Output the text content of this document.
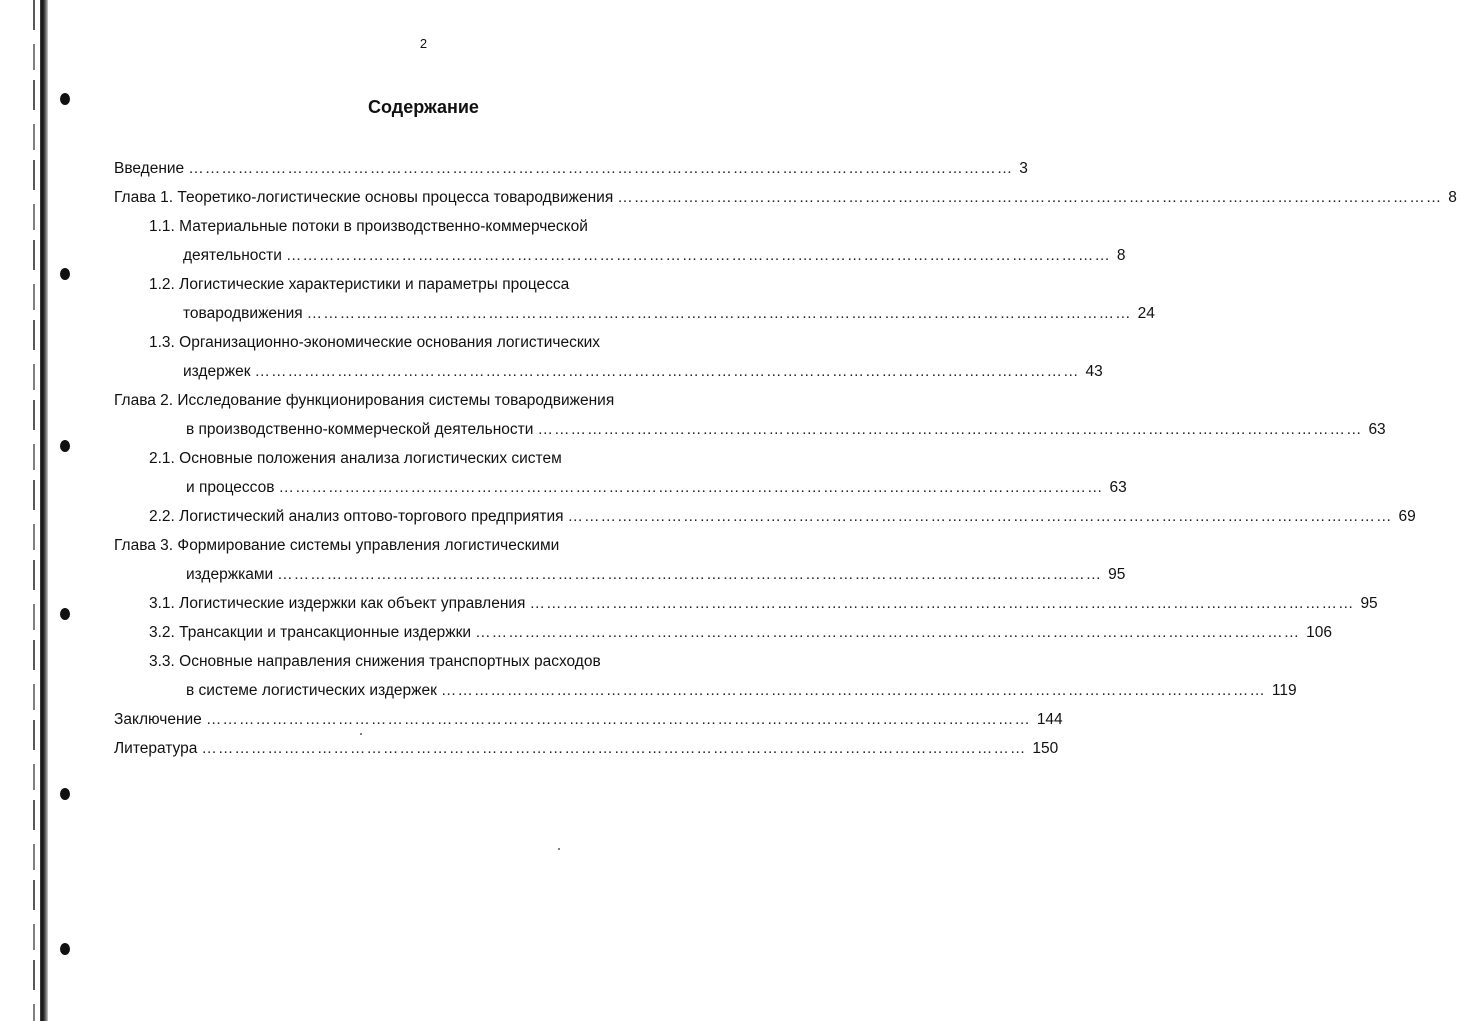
2
Содержание
Введение …………………………………………………………………………………………………………………………………… 3
Глава 1. Теоретико-логистические основы процесса товародвижения …………………………………………………………………………………………………………………………………… 8
1.1. Материальные потоки в производственно-коммерческой
деятельности …………………………………………………………………………………………………………………………………… 8
1.2. Логистические характеристики и параметры процесса
товародвижения …………………………………………………………………………………………………………………………………… 24
1.3. Организационно-экономические основания логистических
издержек …………………………………………………………………………………………………………………………………… 43
Глава 2. Исследование функционирования системы товародвижения
в производственно-коммерческой деятельности …………………………………………………………………………………………………………………………………… 63
2.1. Основные положения анализа логистических систем
и процессов …………………………………………………………………………………………………………………………………… 63
2.2. Логистический анализ оптово-торгового предприятия …………………………………………………………………………………………………………………………………… 69
Глава 3. Формирование системы управления логистическими
издержками …………………………………………………………………………………………………………………………………… 95
3.1. Логистические издержки как объект управления …………………………………………………………………………………………………………………………………… 95
3.2. Трансакции и трансакционные издержки …………………………………………………………………………………………………………………………………… 106
3.3. Основные направления снижения транспортных расходов
в системе логистических издержек …………………………………………………………………………………………………………………………………… 119
Заключение …………………………………………………………………………………………………………………………………… 144
Литература …………………………………………………………………………………………………………………………………… 150
